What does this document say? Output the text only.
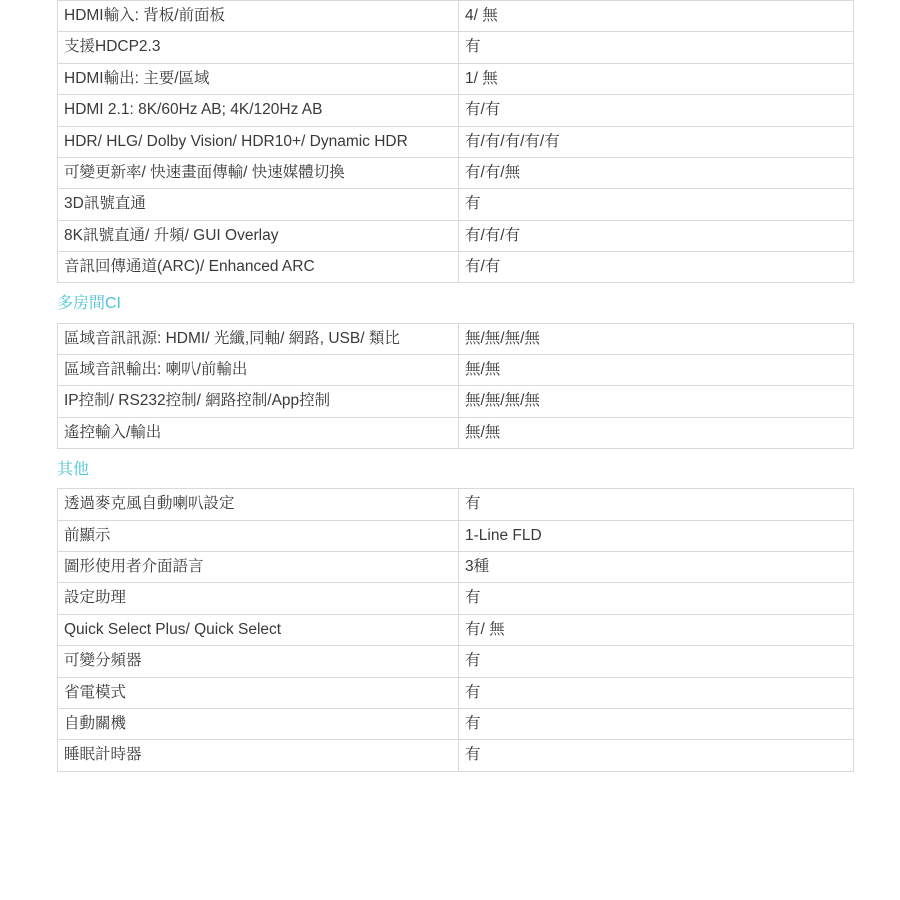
HDMI輸入: 背板/前面板	4/ 無
支援HDCP2.3	有
HDMI輸出: 主要/區域	1/ 無
HDMI 2.1: 8K/60Hz AB; 4K/120Hz AB	有/有
HDR/ HLG/ Dolby Vision/ HDR10+/ Dynamic HDR	有/有/有/有/有
可變更新率/ 快速畫面傳輸/ 快速媒體切換	有/有/無
3D訊號直通	有
8K訊號直通/ 升頻/ GUI Overlay	有/有/有
音訊回傳通道(ARC)/ Enhanced ARC	有/有
多房間CI
區域音訊訊源: HDMI/ 光纖,同軸/ 網路, USB/ 類比	無/無/無/無
區域音訊輸出: 喇叭/前輸出	無/無
IP控制/ RS232控制/ 網路控制/App控制	無/無/無/無
遙控輸入/輸出	無/無
其他
透過麥克風自動喇叭設定	有
前顯示	1-Line FLD
圖形使用者介面語言	3種
設定助理	有
Quick Select Plus/ Quick Select	有/ 無
可變分頻器	有
省電模式	有
自動關機	有
睡眠計時器	有
